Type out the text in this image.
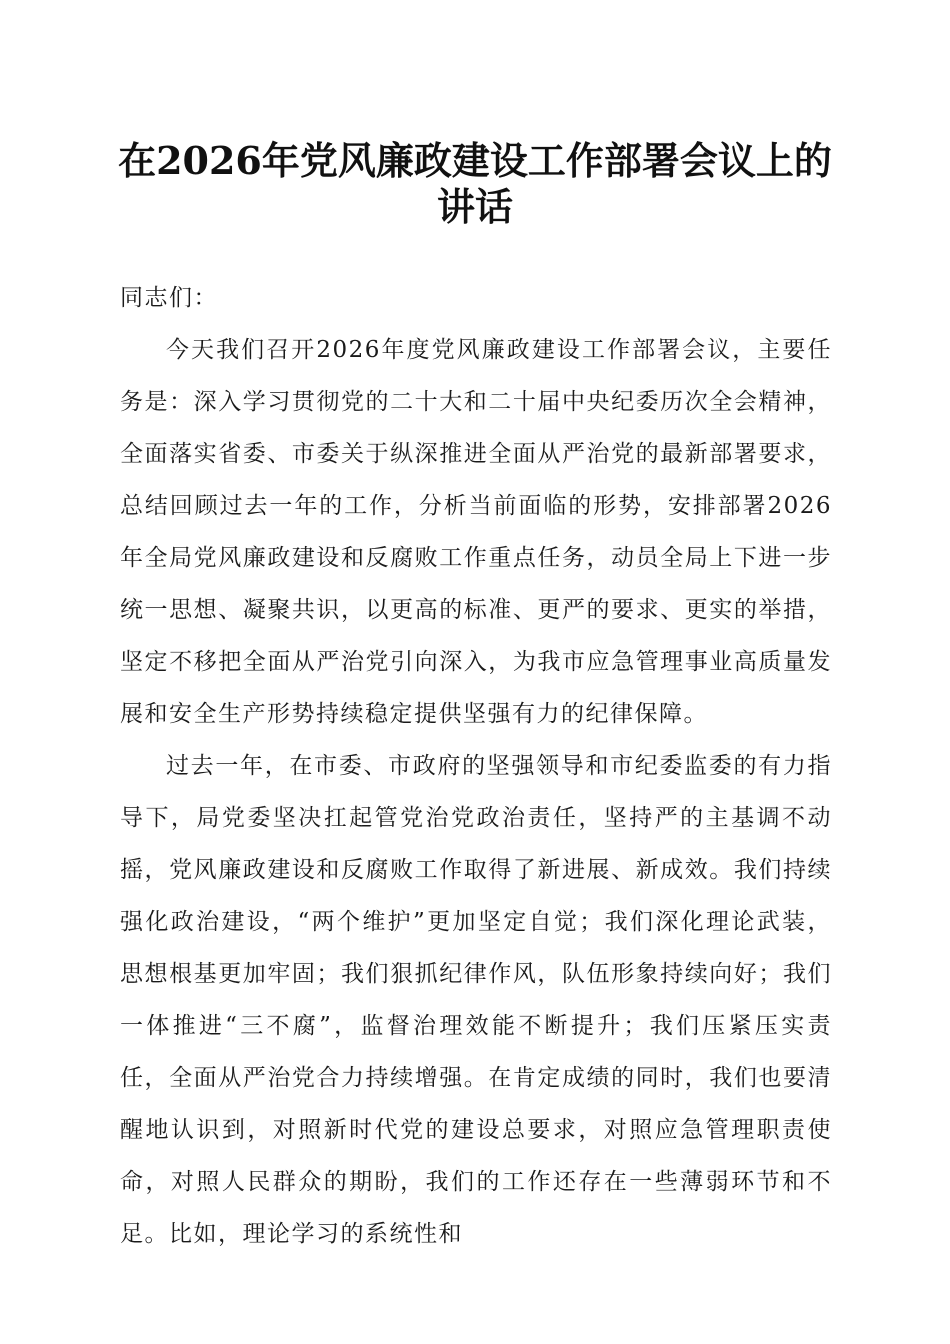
在2026年党风廉政建设工作部署会议上的讲话

同志们：

今天我们召开2026年度党风廉政建设工作部署会议，主要任务是：深入学习贯彻党的二十大和二十届中央纪委历次全会精神，全面落实省委、市委关于纵深推进全面从严治党的最新部署要求，总结回顾过去一年的工作，分析当前面临的形势，安排部署2026年全局党风廉政建设和反腐败工作重点任务，动员全局上下进一步统一思想、凝聚共识，以更高的标准、更严的要求、更实的举措，坚定不移把全面从严治党引向深入，为我市应急管理事业高质量发展和安全生产形势持续稳定提供坚强有力的纪律保障。

过去一年，在市委、市政府的坚强领导和市纪委监委的有力指导下，局党委坚决扛起管党治党政治责任，坚持严的主基调不动摇，党风廉政建设和反腐败工作取得了新进展、新成效。我们持续强化政治建设，“两个维护”更加坚定自觉；我们深化理论武装，思想根基更加牢固；我们狠抓纪律作风，队伍形象持续向好；我们一体推进“三不腐”，监督治理效能不断提升；我们压紧压实责任，全面从严治党合力持续增强。在肯定成绩的同时，我们也要清醒地认识到，对照新时代党的建设总要求，对照应急管理职责使命，对照人民群众的期盼，我们的工作还存在一些薄弱环节和不足。比如，理论学习的系统性和
